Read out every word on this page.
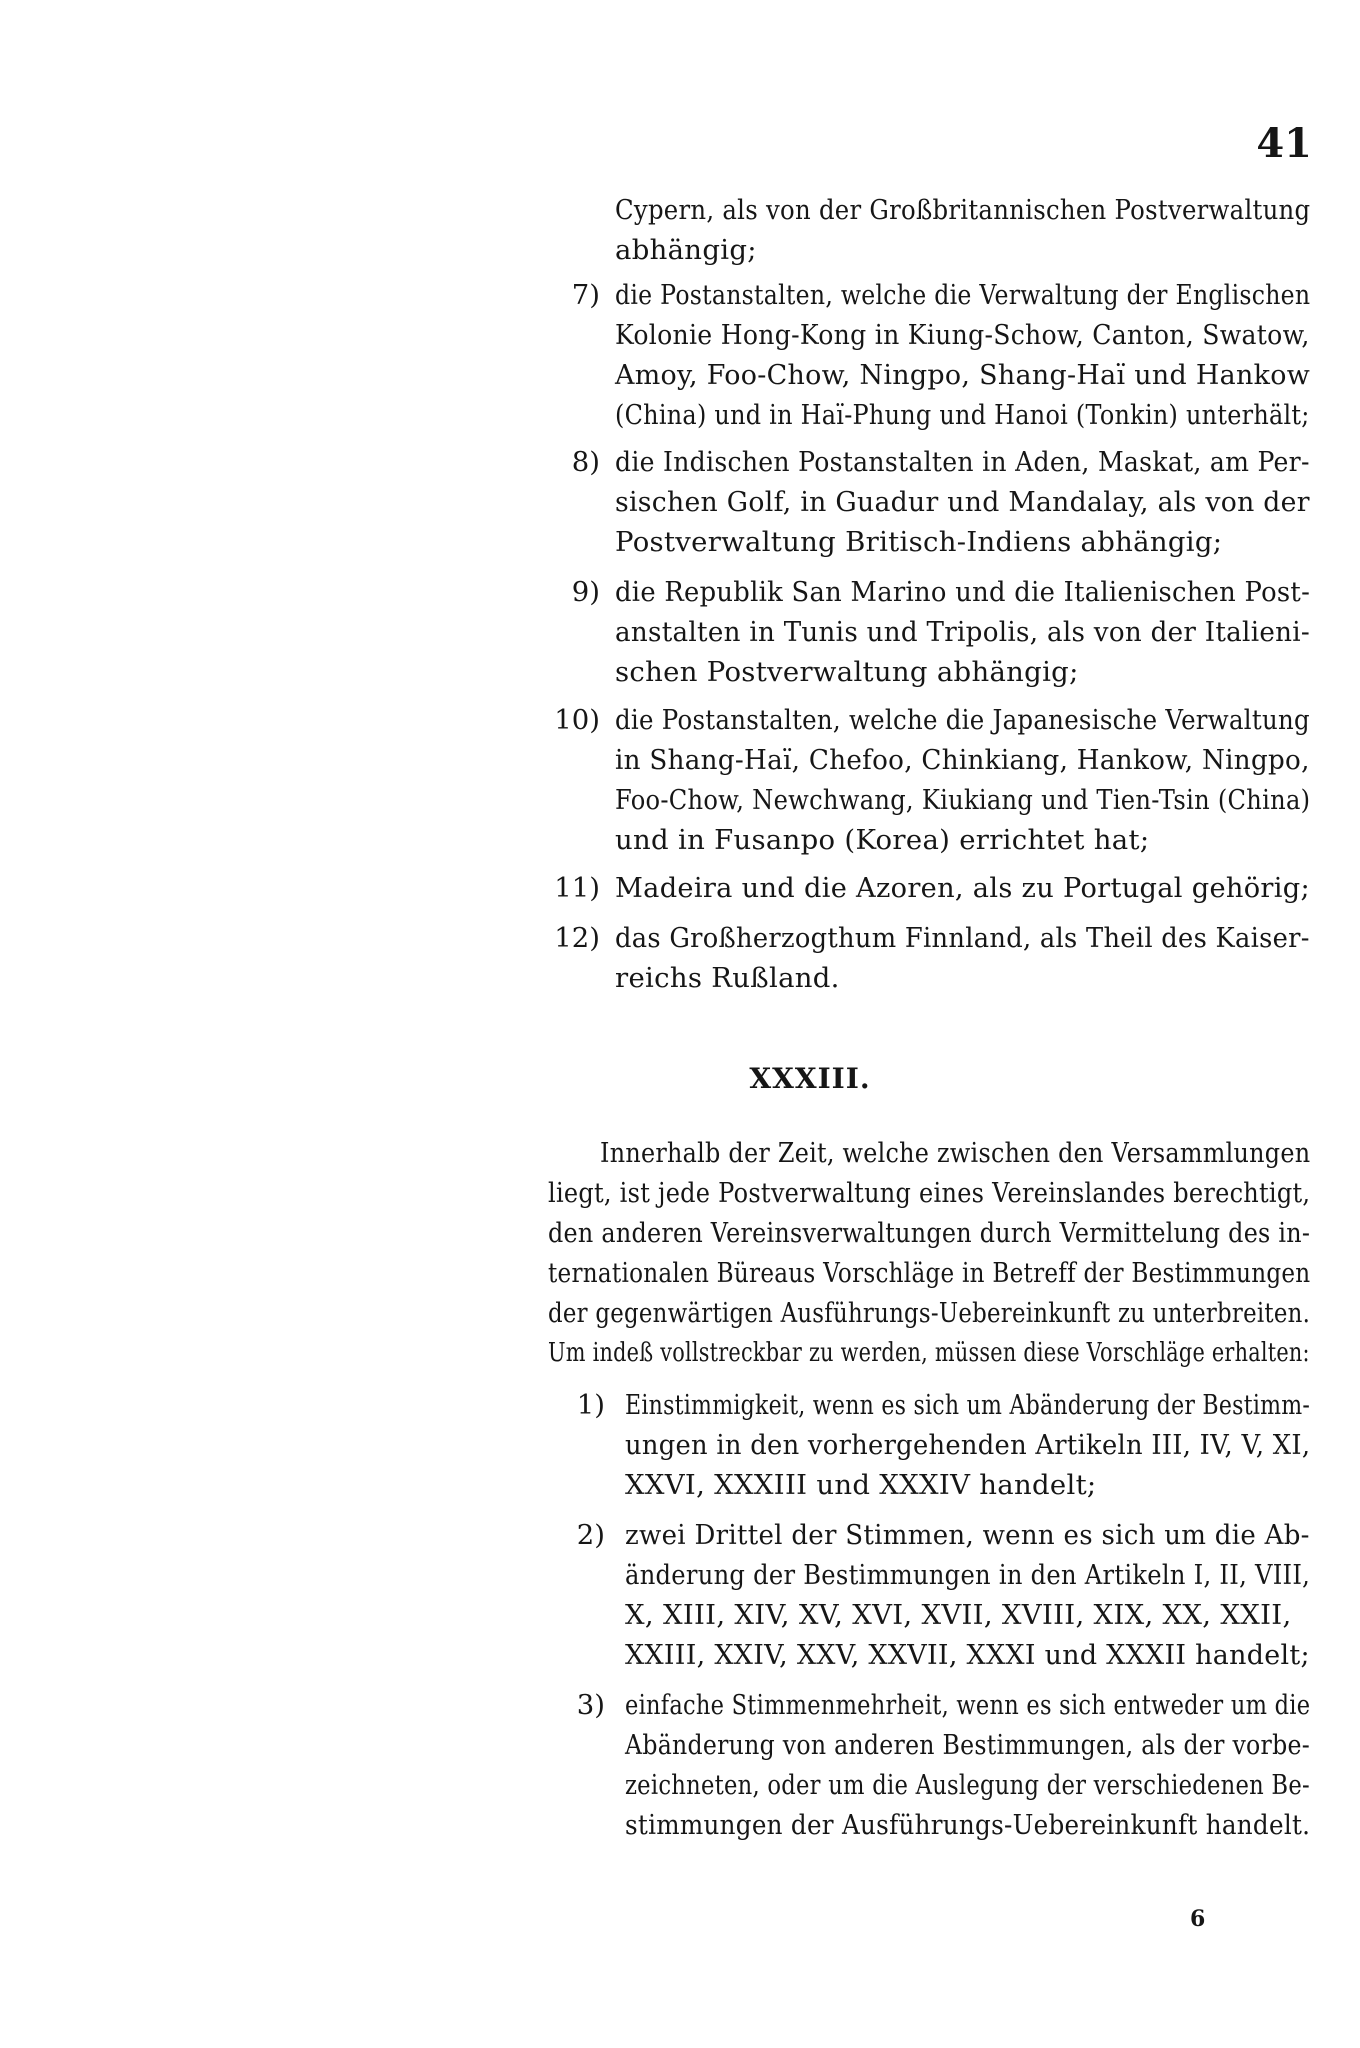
41
Cypern, als von der Großbritannischen Postverwaltung
abhängig;
7) die Postanstalten, welche die Verwaltung der Englischen
Kolonie Hong-Kong in Kiung-Schow, Canton, Swatow,
Amoy, Foo-Chow, Ningpo, Shang-Haï und Hankow
(China) und in Haï-Phung und Hanoi (Tonkin) unterhält;
8) die Indischen Postanstalten in Aden, Maskat, am Per-
sischen Golf, in Guadur und Mandalay, als von der
Postverwaltung Britisch-Indiens abhängig;
9) die Republik San Marino und die Italienischen Post-
anstalten in Tunis und Tripolis, als von der Italieni-
schen Postverwaltung abhängig;
10) die Postanstalten, welche die Japanesische Verwaltung
in Shang-Haï, Chefoo, Chinkiang, Hankow, Ningpo,
Foo-Chow, Newchwang, Kiukiang und Tien-Tsin (China)
und in Fusanpo (Korea) errichtet hat;
11) Madeira und die Azoren, als zu Portugal gehörig;
12) das Großherzogthum Finnland, als Theil des Kaiser-
reichs Rußland.
XXXIII.
Innerhalb der Zeit, welche zwischen den Versammlungen
liegt, ist jede Postverwaltung eines Vereinslandes berechtigt,
den anderen Vereinsverwaltungen durch Vermittelung des in-
ternationalen Büreaus Vorschläge in Betreff der Bestimmungen
der gegenwärtigen Ausführungs-Uebereinkunft zu unterbreiten.
Um indeß vollstreckbar zu werden, müssen diese Vorschläge erhalten:
1) Einstimmigkeit, wenn es sich um Abänderung der Bestimm-
ungen in den vorhergehenden Artikeln III, IV, V, XI,
XXVI, XXXIII und XXXIV handelt;
2) zwei Drittel der Stimmen, wenn es sich um die Ab-
änderung der Bestimmungen in den Artikeln I, II, VIII,
X, XIII, XIV, XV, XVI, XVII, XVIII, XIX, XX, XXII,
XXIII, XXIV, XXV, XXVII, XXXI und XXXII handelt;
3) einfache Stimmenmehrheit, wenn es sich entweder um die
Abänderung von anderen Bestimmungen, als der vorbe-
zeichneten, oder um die Auslegung der verschiedenen Be-
stimmungen der Ausführungs-Uebereinkunft handelt.
6
